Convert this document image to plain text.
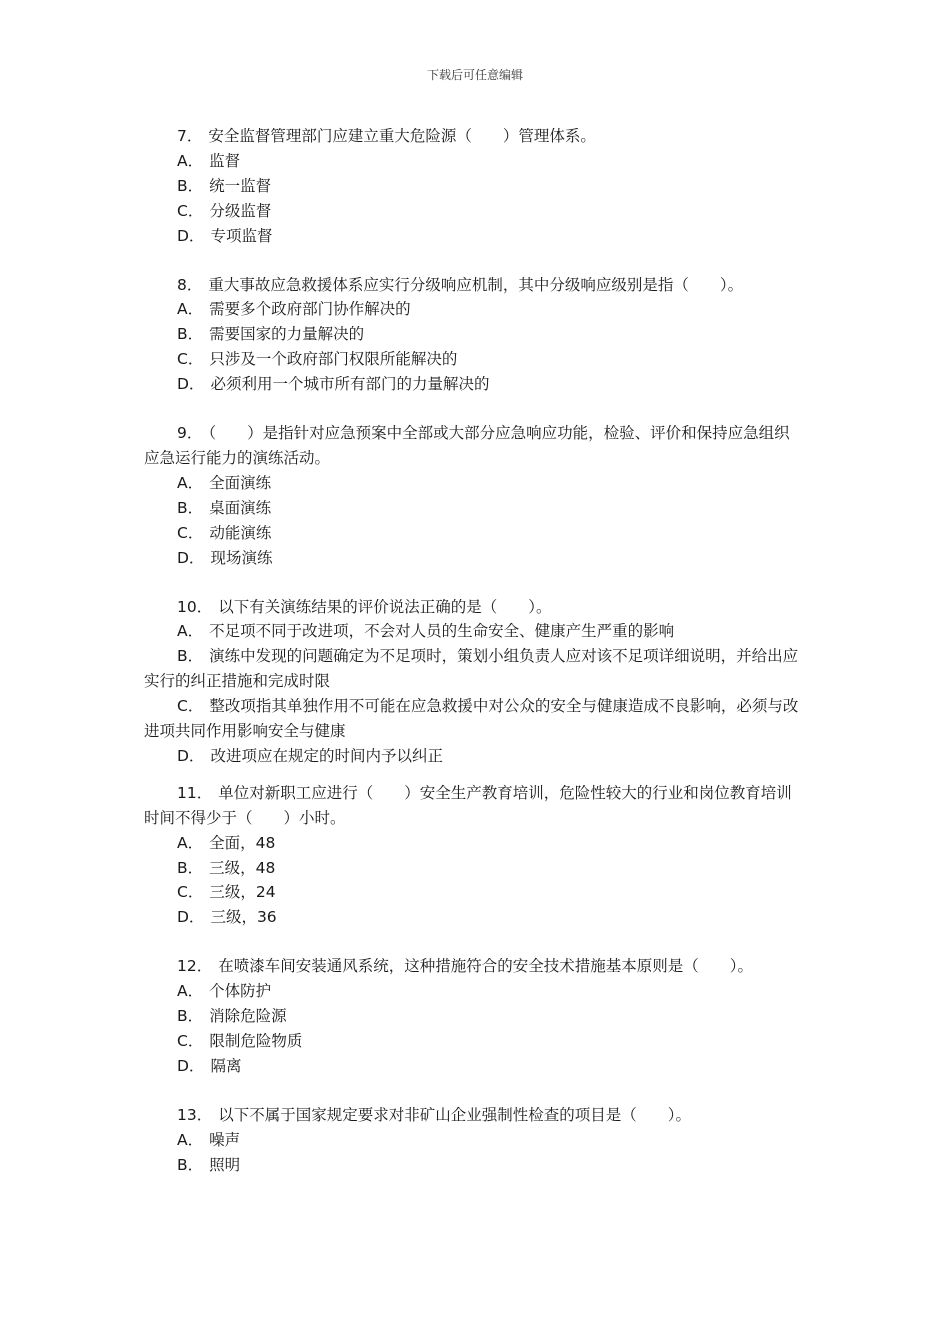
下载后可任意编辑

7． 安全监督管理部门应建立重大危险源（　　）管理体系。

A． 监督

B． 统一监督

C． 分级监督

D． 专项监督

8． 重大事故应急救援体系应实行分级响应机制，其中分级响应级别是指（　　）。

A． 需要多个政府部门协作解决的

B． 需要国家的力量解决的

C． 只涉及一个政府部门权限所能解决的

D． 必须利用一个城市所有部门的力量解决的

9． （　　）是指针对应急预案中全部或大部分应急响应功能，检验、评价和保持应急组织应急运行能力的演练活动。

A． 全面演练

B． 桌面演练

C． 动能演练

D． 现场演练

10． 以下有关演练结果的评价说法正确的是（　　）。

A． 不足项不同于改进项，不会对人员的生命安全、健康产生严重的影响

B． 演练中发现的问题确定为不足项时，策划小组负责人应对该不足项详细说明，并给出应实行的纠正措施和完成时限

C． 整改项指其单独作用不可能在应急救援中对公众的安全与健康造成不良影响，必须与改进项共同作用影响安全与健康

D． 改进项应在规定的时间内予以纠正

11． 单位对新职工应进行（　　）安全生产教育培训，危险性较大的行业和岗位教育培训时间不得少于（　　）小时。

A． 全面，48

B． 三级，48

C． 三级，24

D． 三级，36

12． 在喷漆车间安装通风系统，这种措施符合的安全技术措施基本原则是（　　）。

A． 个体防护

B． 消除危险源

C． 限制危险物质

D． 隔离

13． 以下不属于国家规定要求对非矿山企业强制性检查的项目是（　　）。

A． 噪声

B． 照明
